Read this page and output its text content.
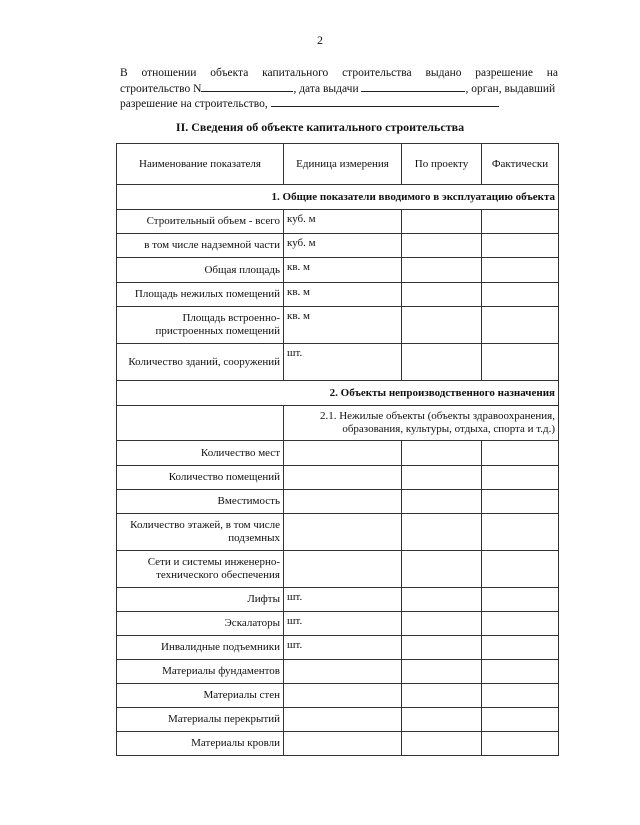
2
В отношении объекта капитального строительства выдано разрешение на
строительство N	, дата выдачи	, орган, выдавший
разрешение на строительство,
II. Сведения об объекте капитального строительства
Наименование показателя	Единица измерения	По проекту	Фактически
1. Общие показатели вводимого в эксплуатацию объекта			
Строительный объем - всего	куб. м		
в том числе надземной части	куб. м		
Общая площадь	кв. м		
Площадь нежилых помещений	кв. м		
Площадь встроенно-пристроенных помещений	кв. м		
Количество зданий, сооружений	шт.		
2. Объекты непроизводственного назначения			
	2.1. Нежилые объекты (объекты здравоохранения, образования, культуры, отдыха, спорта и т.д.)		
Количество мест			
Количество помещений			
Вместимость			
Количество этажей, в том числе подземных			
Сети и системы инженерно-технического обеспечения			
Лифты	шт.		
Эскалаторы	шт.		
Инвалидные подъемники	шт.		
Материалы фундаментов			
Материалы стен			
Материалы перекрытий			
Материалы кровли			
